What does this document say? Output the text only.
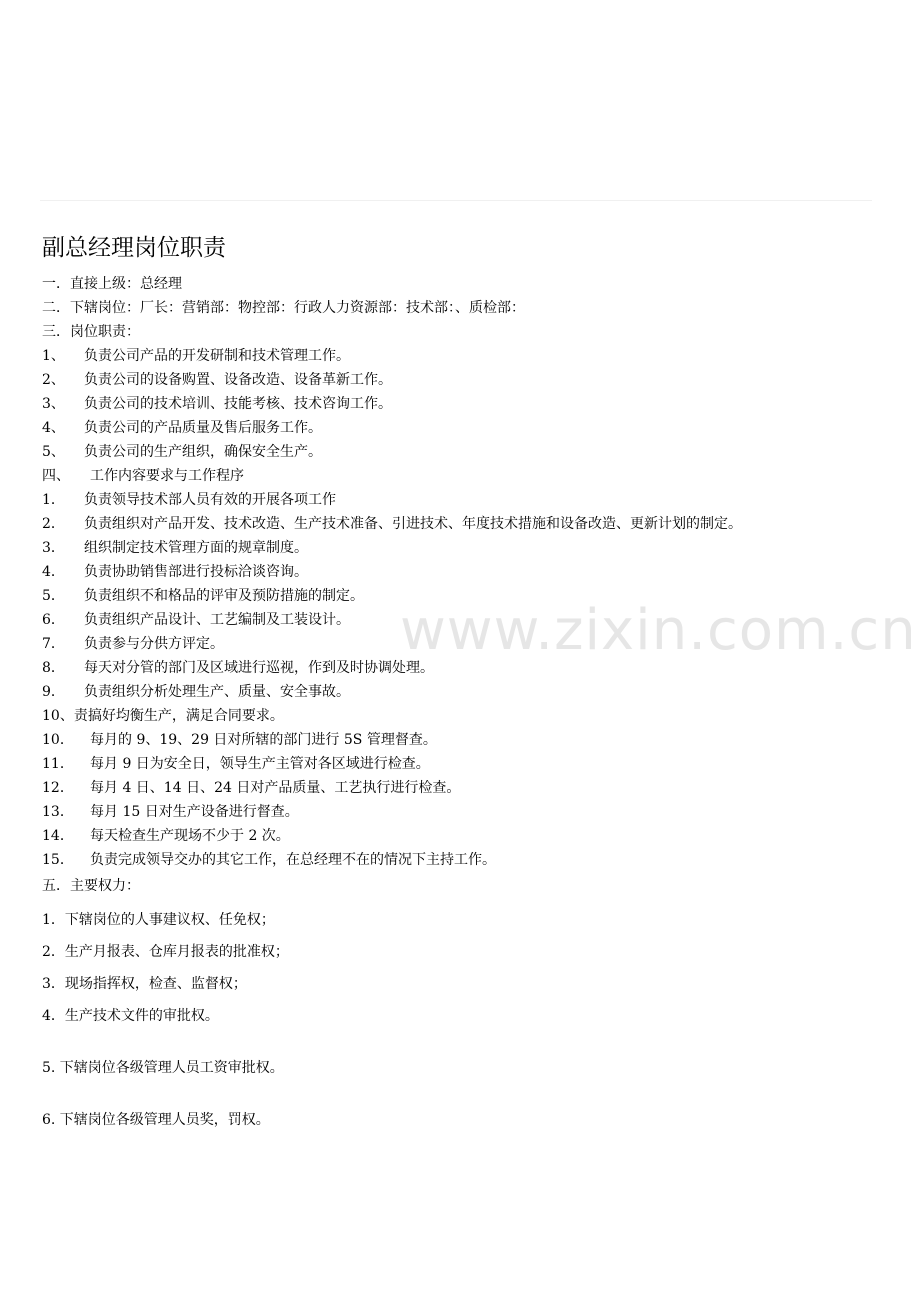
www.zixin.com.cn
副总经理岗位职责
一．直接上级：总经理
二．下辖岗位：厂长：营销部：物控部：行政人力资源部：技术部：、质检部：
三．岗位职责：
1、 负责公司产品的开发研制和技术管理工作。
2、 负责公司的设备购置、设备改造、设备革新工作。
3、 负责公司的技术培训、技能考核、技术咨询工作。
4、 负责公司的产品质量及售后服务工作。
5、 负责公司的生产组织，确保安全生产。
四、 工作内容要求与工作程序
1． 负责领导技术部人员有效的开展各项工作
2． 负责组织对产品开发、技术改造、生产技术准备、引进技术、年度技术措施和设备改造、更新计划的制定。
3． 组织制定技术管理方面的规章制度。
4． 负责协助销售部进行投标洽谈咨询。
5． 负责组织不和格品的评审及预防措施的制定。
6． 负责组织产品设计、工艺编制及工装设计。
7． 负责参与分供方评定。
8． 每天对分管的部门及区域进行巡视，作到及时协调处理。
9． 负责组织分析处理生产、质量、安全事故。
10、责搞好均衡生产，满足合同要求。
10． 每月的 9、19、29 日对所辖的部门进行 5S 管理督查。
11． 每月 9 日为安全日，领导生产主管对各区域进行检查。
12． 每月 4 日、14 日、24 日对产品质量、工艺执行进行检查。
13． 每月 15 日对生产设备进行督查。
14． 每天检查生产现场不少于 2 次。
15． 负责完成领导交办的其它工作，在总经理不在的情况下主持工作。
五．主要权力：
1．下辖岗位的人事建议权、任免权；
2．生产月报表、仓库月报表的批准权；
3．现场指挥权，检查、监督权；
4．生产技术文件的审批权。
5. 下辖岗位各级管理人员工资审批权。
6. 下辖岗位各级管理人员奖，罚权。
